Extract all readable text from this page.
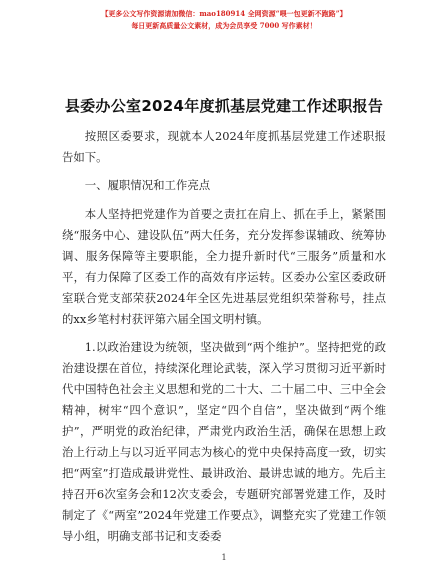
【更多公文写作资源请加微信：mao180914 全网资源“喂一包更新不跑路”】
每日更新高质量公文素材，成为会员享受 7000 写作素材！
县委办公室2024年度抓基层党建工作述职报告

按照区委要求，现就本人2024年度抓基层党建工作述职报告如下。

一、履职情况和工作亮点

本人坚持把党建作为首要之责扛在肩上、抓在手上，紧紧围绕“服务中心、建设队伍”两大任务，充分发挥参谋辅政、统筹协调、服务保障等主要职能，全力提升新时代“三服务”质量和水平，有力保障了区委工作的高效有序运转。区委办公室区委政研室联合党支部荣获2024年全区先进基层党组织荣誉称号，挂点的xx乡笔村村获评第六届全国文明村镇。

1.以政治建设为统领，坚决做到“两个维护”。坚持把党的政治建设摆在首位，持续深化理论武装，深入学习贯彻习近平新时代中国特色社会主义思想和党的二十大、二十届二中、三中全会精神，树牢“四个意识”，坚定“四个自信”，坚决做到“两个维护”，严明党的政治纪律，严肃党内政治生活，确保在思想上政治上行动上与以习近平同志为核心的党中央保持高度一致，切实把“两室”打造成最讲党性、最讲政治、最讲忠诚的地方。先后主持召开6次室务会和12次支委会，专题研究部署党建工作，及时制定了《“两室”2024年党建工作要点》，调整充实了党建工作领导小组，明确支部书记和支委委

1
